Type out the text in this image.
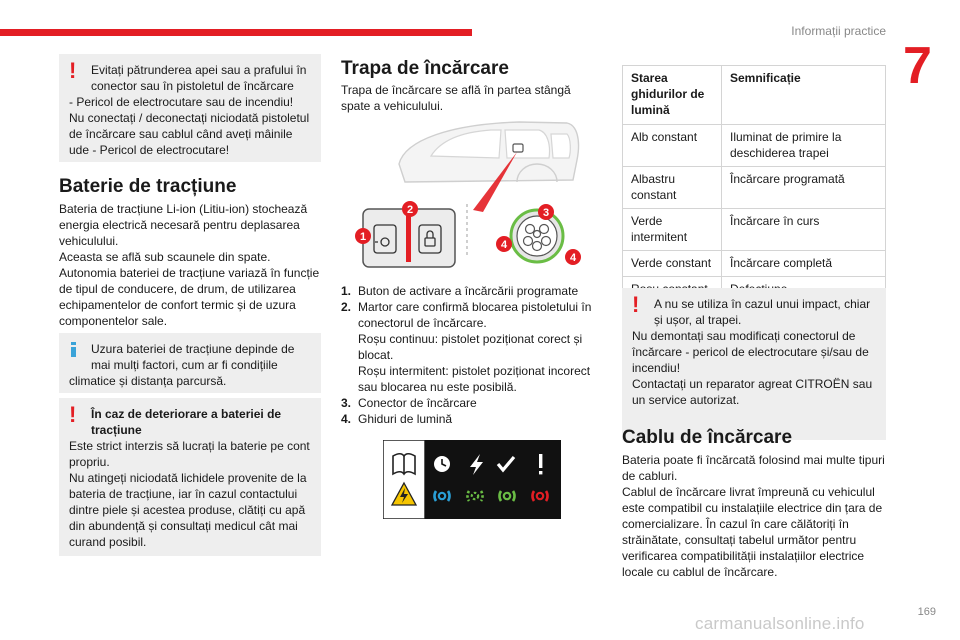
Informații practice
7
!	Evitați pătrunderea apei sau a prafului în
conector sau în pistoletul de încărcare
- Pericol de electrocutare sau de incendiu!
Nu conectați / deconectați niciodată pistoletul de încărcare sau cablul când aveți mâinile ude - Pericol de electrocutare!
Baterie de tracțiune
Bateria de tracțiune Li-ion (Litiu-ion) stochează energia electrică necesară pentru deplasarea vehiculului.
Aceasta se află sub scaunele din spate.
Autonomia bateriei de tracțiune variază în funcție de tipul de conducere, de drum, de utilizarea echipamentelor de confort termic și de uzura componentelor sale.
Uzura bateriei de tracțiune depinde de
mai mulți factori, cum ar fi condițiile
climatice și distanța parcursă.
!	În caz de deteriorare a bateriei de
tracțiune
Este strict interzis să lucrați la baterie pe cont propriu.
Nu atingeți niciodată lichidele provenite de la bateria de tracțiune, iar în cazul contactului dintre piele și acestea produse, clătiți cu apă din abundență și consultați medicul cât mai curand posibil.
Trapa de încărcare
Trapa de încărcare se află în partea stângă spate a vehiculului.
1
2	3
4
4
1. Buton de activare a încărcării programate
2. Martor care confirmă blocarea pistoletului în conectorul de încărcare.
Roșu continuu: pistolet poziționat corect și blocat.
Roșu intermitent: pistolet poziționat incorect sau blocarea nu este posibilă.
3. Conector de încărcare
4. Ghiduri de lumină
Starea ghidurilor de lumină	Semnificație
Alb constant	Iluminat de primire la deschiderea trapei
Albastru constant	Încărcare programată
Verde intermitent	Încărcare în curs
Verde constant	Încărcare completă

!	A nu se utiliza în cazul unui impact, chiar
și ușor, al trapei.
Nu demontați sau modificați conectorul de încărcare - pericol de electrocutare și/sau de incendiu!
Contactați un reparator agreat CITROËN sau un service autorizat.
Cablu de încărcare
Bateria poate fi încărcată folosind mai multe tipuri de cabluri.
Cablul de încărcare livrat împreună cu vehiculul este compatibil cu instalațiile electrice din țara de comercializare. În cazul în care călătoriți în străinătate, consultați tabelul următor pentru verificarea compatibilității instalațiilor electrice locale cu cablul de încărcare.
169
carmanualsonline.info
